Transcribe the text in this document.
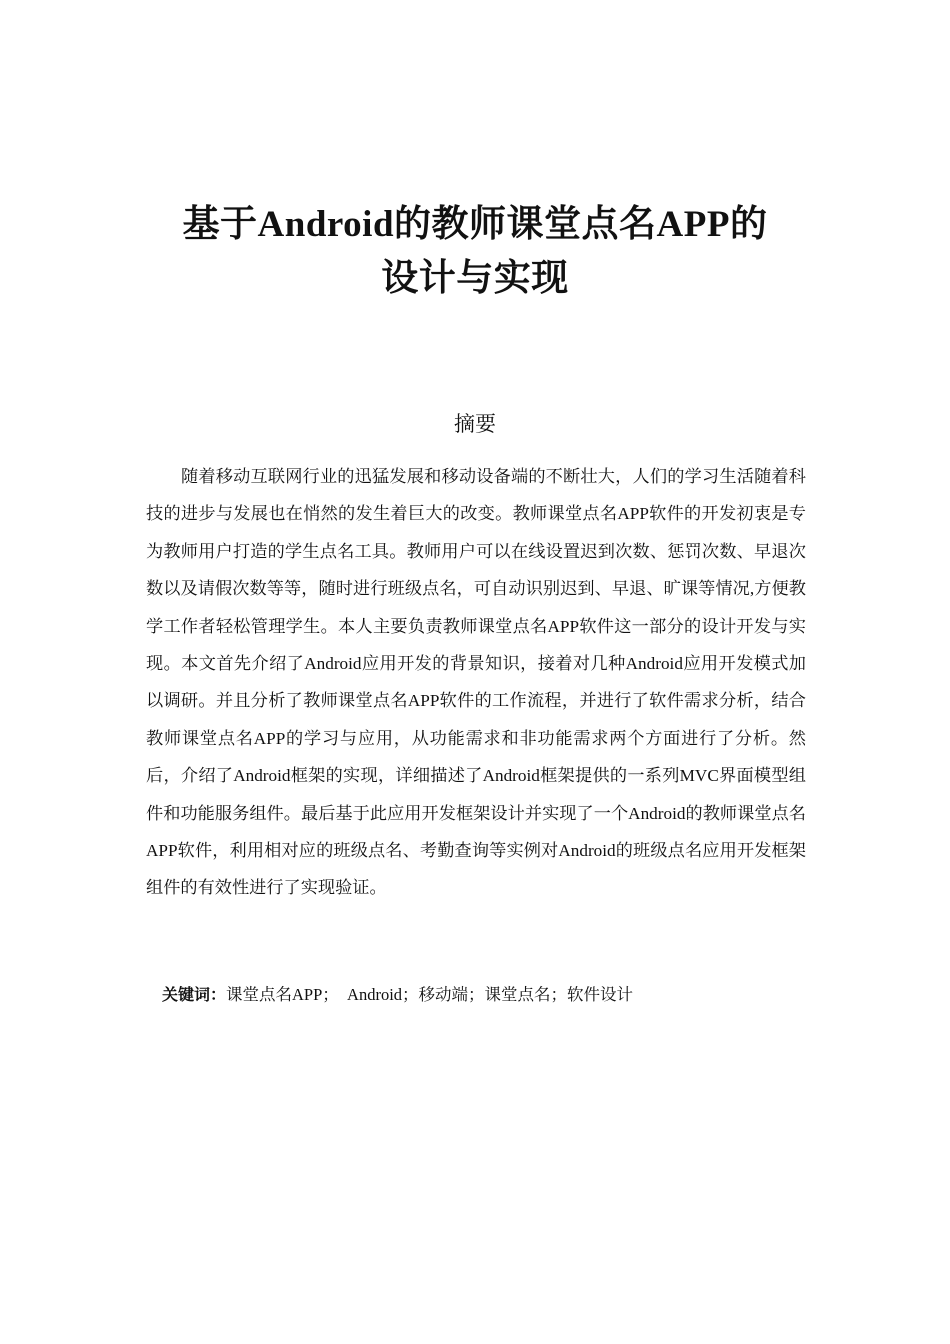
基于Android的教师课堂点名APP的
设计与实现
摘要

随着移动互联网行业的迅猛发展和移动设备端的不断壮大，人们的学习生活随着科技的进步与发展也在悄然的发生着巨大的改变。教师课堂点名APP软件的开发初衷是专为教师用户打造的学生点名工具。教师用户可以在线设置迟到次数、惩罚次数、早退次数以及请假次数等等，随时进行班级点名，可自动识别迟到、早退、旷课等情况,方便教学工作者轻松管理学生。本人主要负责教师课堂点名APP软件这一部分的设计开发与实现。本文首先介绍了Android应用开发的背景知识，接着对几种Android应用开发模式加以调研。并且分析了教师课堂点名APP软件的工作流程，并进行了软件需求分析，结合教师课堂点名APP的学习与应用，从功能需求和非功能需求两个方面进行了分析。然后，介绍了Android框架的实现，详细描述了Android框架提供的一系列MVC界面模型组件和功能服务组件。最后基于此应用开发框架设计并实现了一个Android的教师课堂点名APP软件，利用相对应的班级点名、考勤查询等实例对Android的班级点名应用开发框架组件的有效性进行了实现验证。

关键词：课堂点名APP；　Android；移动端；课堂点名；软件设计
